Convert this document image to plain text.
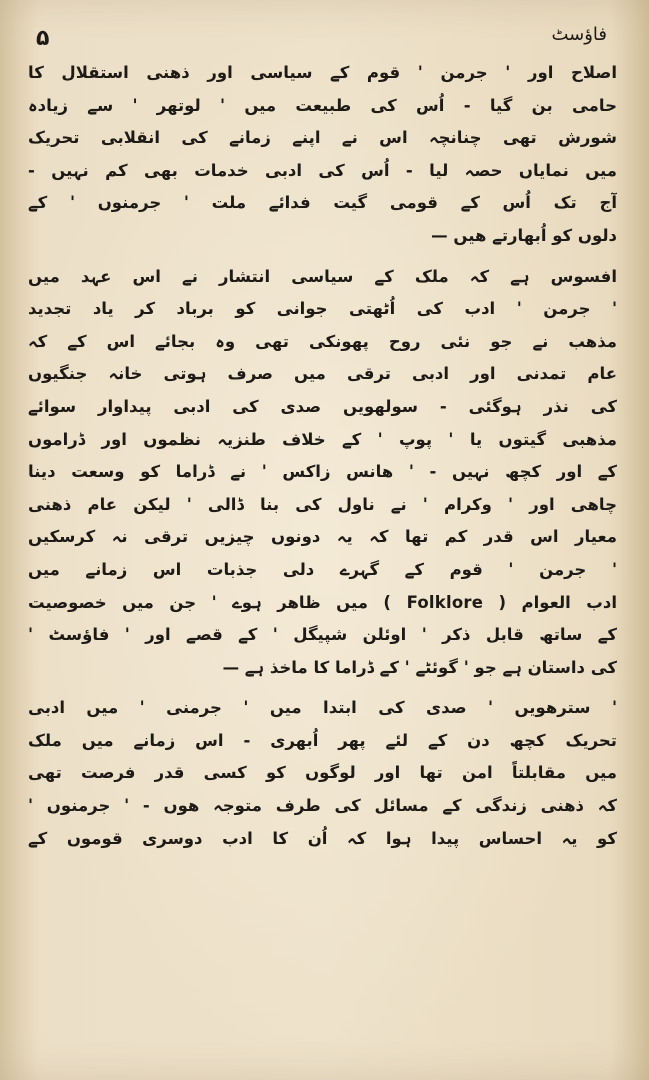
۵	فاؤسٹ
اصلاح اور ' جرمن ' قوم کے سیاسی اور ذھنی استقلال کا
حامی بن گیا - اُس کی طبیعت میں ' لوتھر ' سے زیادہ
شورش تھی چنانچہ اس نے اپنے زمانے کی انقلابی تحریک
میں نمایاں حصہ لیا - اُس کی ادبی خدمات بھی کم نہیں -
آج تک اُس کے قومی گیت فدائے ملت ' جرمنوں ' کے
دلوں کو اُبھارتے ھیں —
افسوس ہے کہ ملک کے سیاسی انتشار نے اس عہد میں
' جرمن ' ادب کی اُٹھتی جوانی کو برباد کر یاد تجدید
مذھب نے جو نئی روح پھونکی تھی وہ بجائے اس کے کہ
عام تمدنی اور ادبی ترقی میں صرف ہوتی خانہ جنگیوں
کی نذر ہوگئی - سولھویں صدی کی ادبی پیداوار سوائے
مذھبی گیتوں یا ' پوپ ' کے خلاف طنزیہ نظموں اور ڈراموں
کے اور کچھ نہیں - ' ھانس زاکس ' نے ڈراما کو وسعت دینا
چاھی اور ' وکرام ' نے ناول کی بنا ڈالی ' لیکن عام ذھنی
معیار اس قدر کم تھا کہ یہ دونوں چیزیں ترقی نہ کرسکیں
' جرمن ' قوم کے گہرے دلی جذبات اس زمانے میں
ادب العوام ( Folklore ) میں ظاھر ہوے ' جن میں خصوصیت
کے ساتھ قابل ذکر ' اوئلن شپیگل ' کے قصے اور ' فاؤسٹ '
کی داستان ہے جو ' گوئٹے ' کے ڈراما کا ماخذ ہے —
' سترھویں ' صدی کی ابتدا میں ' جرمنی ' میں ادبی
تحریک کچھ دن کے لئے پھر اُبھری - اس زمانے میں ملک
میں مقابلتاً امن تھا اور لوگوں کو کسی قدر فرصت تھی
کہ ذھنی زندگی کے مسائل کی طرف متوجہ ھوں - ' جرمنوں '
کو یہ احساس پیدا ہوا کہ اُن کا ادب دوسری قوموں کے
